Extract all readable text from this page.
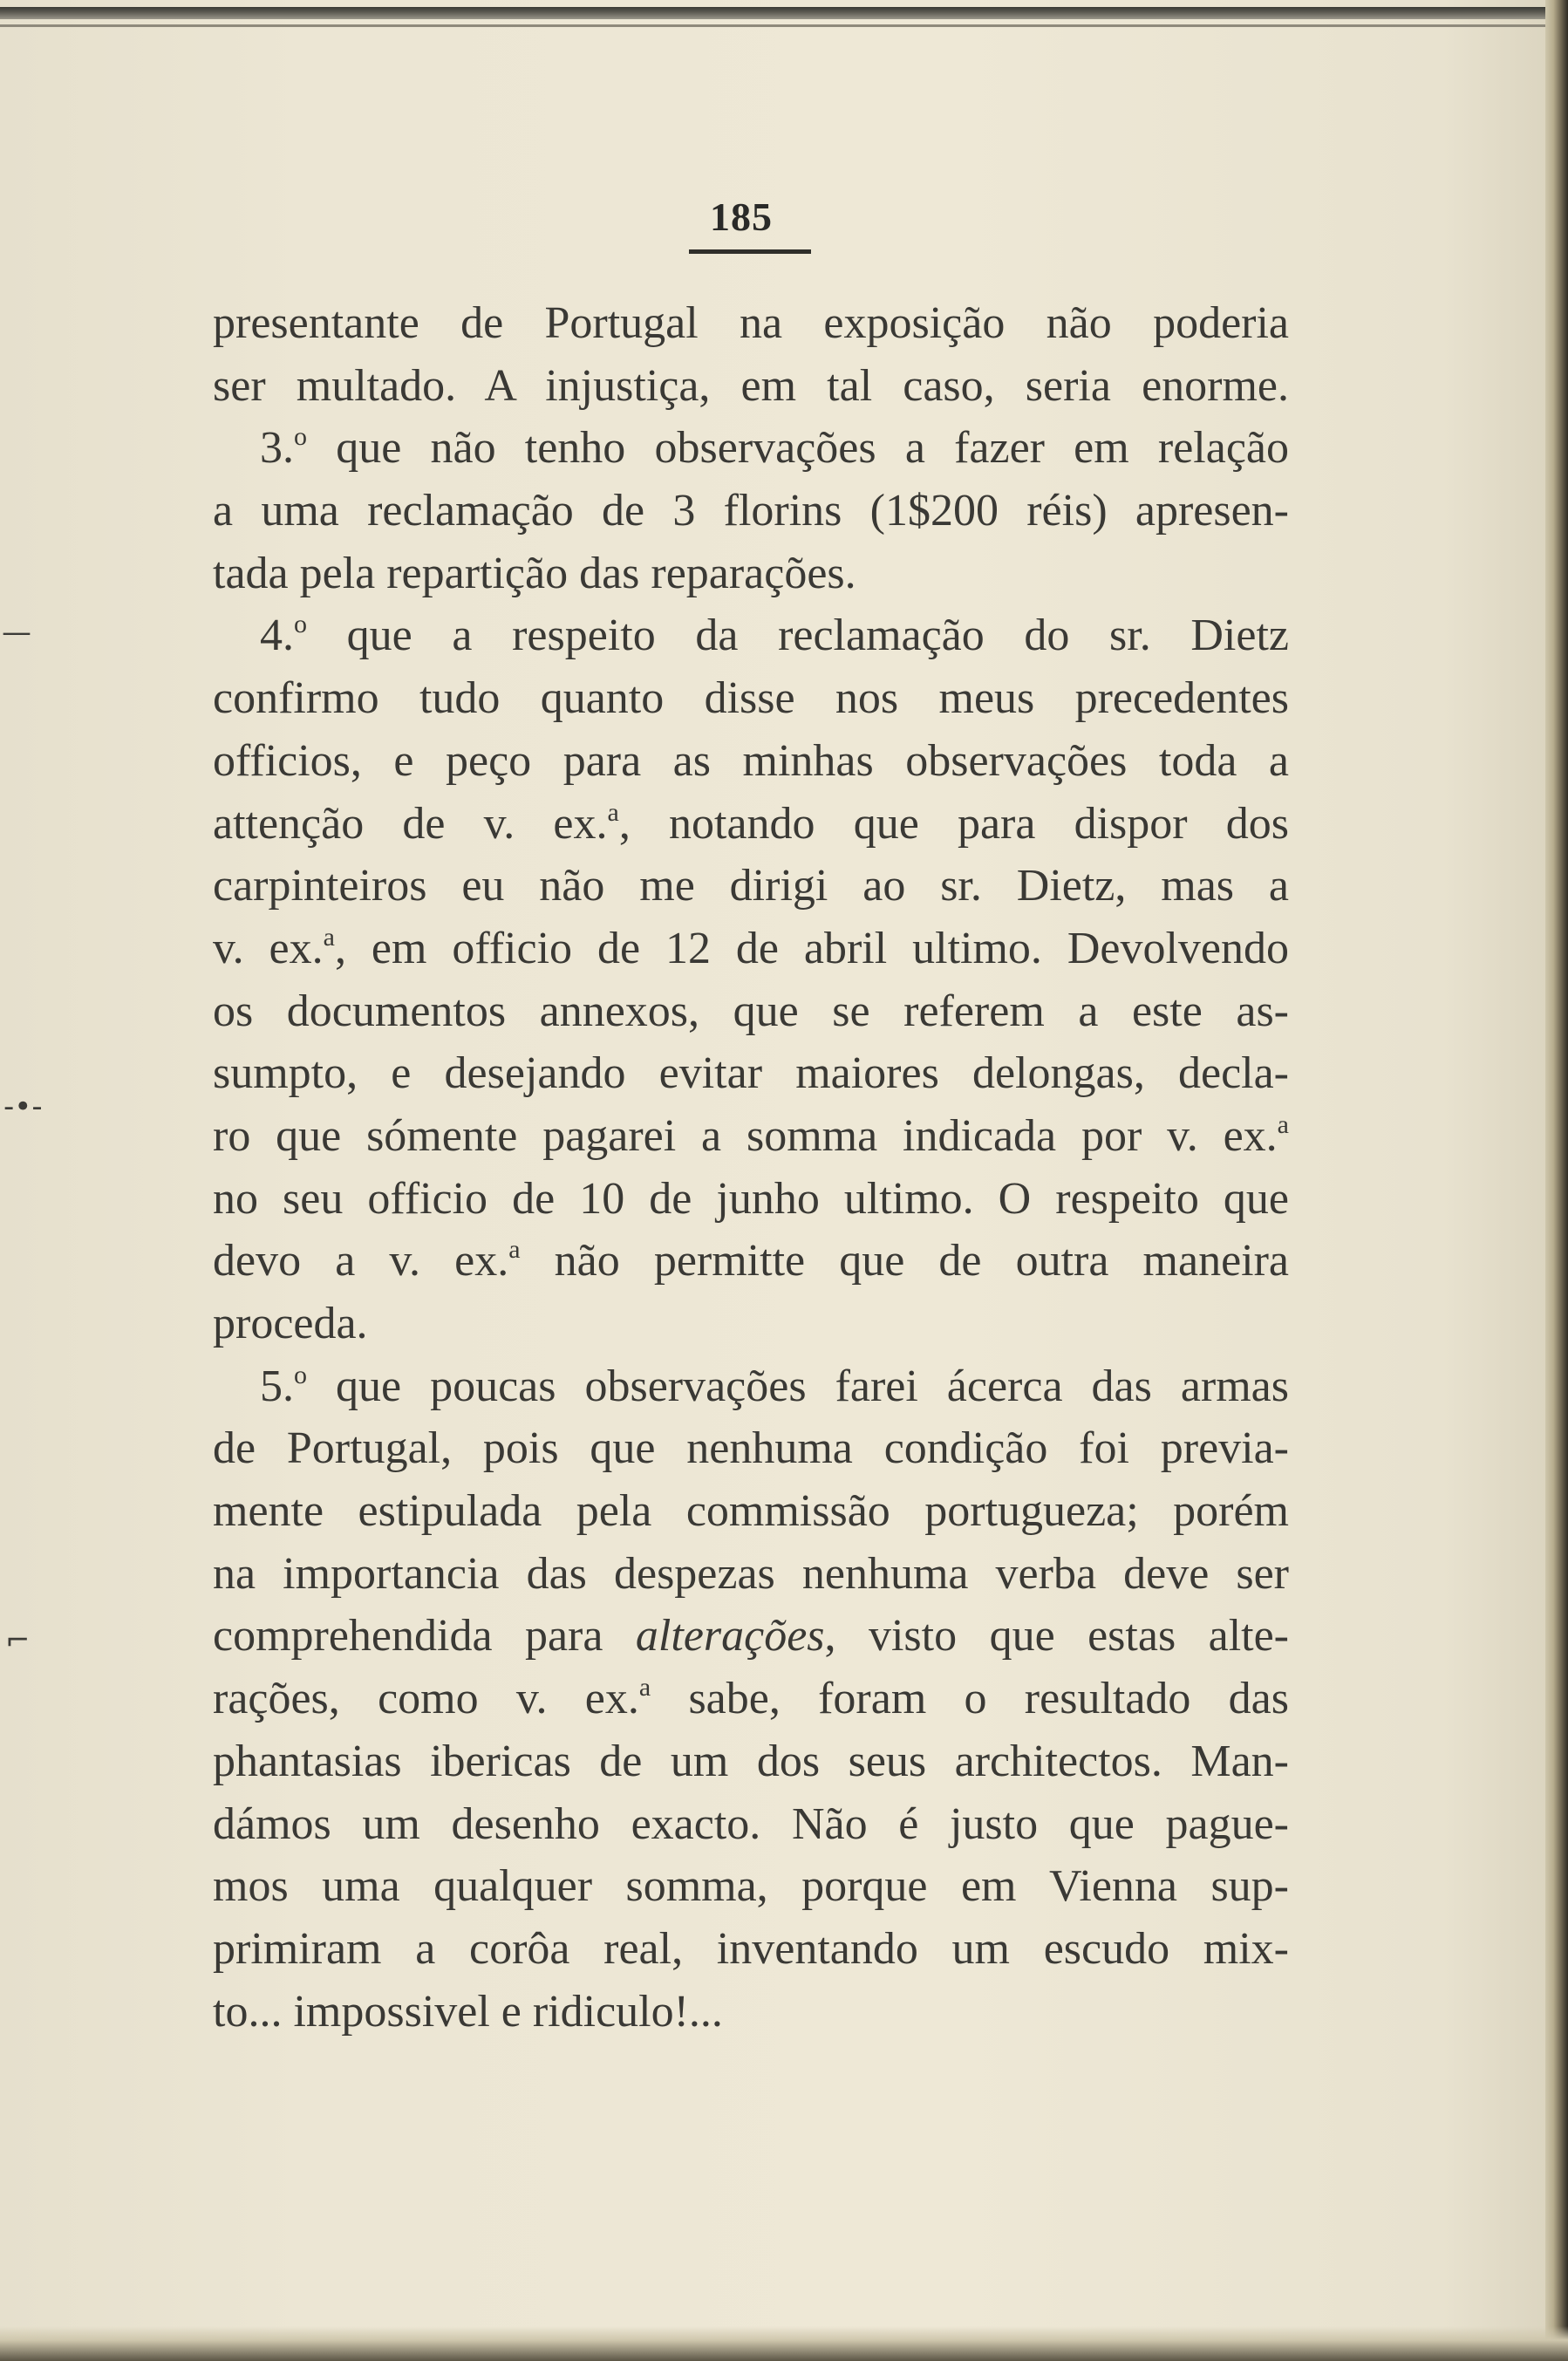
—
-•-
⌐
185
presentante de Portugal na exposição não poderia
ser multado. A injustiça, em tal caso, seria enorme.
3.$^o$ que não tenho observações a fazer em relação
a uma reclamação de 3 florins (1$200 réis) apresen-
tada pela repartição das reparações.
4.$^o$ que a respeito da reclamação do sr. Dietz
confirmo tudo quanto disse nos meus precedentes
officios, e peço para as minhas observações toda a
attenção de v. ex.$^a$, notando que para dispor dos
carpinteiros eu não me dirigi ao sr. Dietz, mas a
v. ex.$^a$, em officio de 12 de abril ultimo. Devolvendo
os documentos annexos, que se referem a este as-
sumpto, e desejando evitar maiores delongas, decla-
ro que sómente pagarei a somma indicada por v. ex.$^a$
no seu officio de 10 de junho ultimo. O respeito que
devo a v. ex.$^a$ não permitte que de outra maneira
proceda.
5.$^o$ que poucas observações farei ácerca das armas
de Portugal, pois que nenhuma condição foi previa-
mente estipulada pela commissão portugueza; porém
na importancia das despezas nenhuma verba deve ser
comprehendida para alterações, visto que estas alte-
rações, como v. ex.$^a$ sabe, foram o resultado das
phantasias ibericas de um dos seus architectos. Man-
dámos um desenho exacto. Não é justo que pague-
mos uma qualquer somma, porque em Vienna sup-
primiram a corôa real, inventando um escudo mix-
to... impossivel e ridiculo!...
